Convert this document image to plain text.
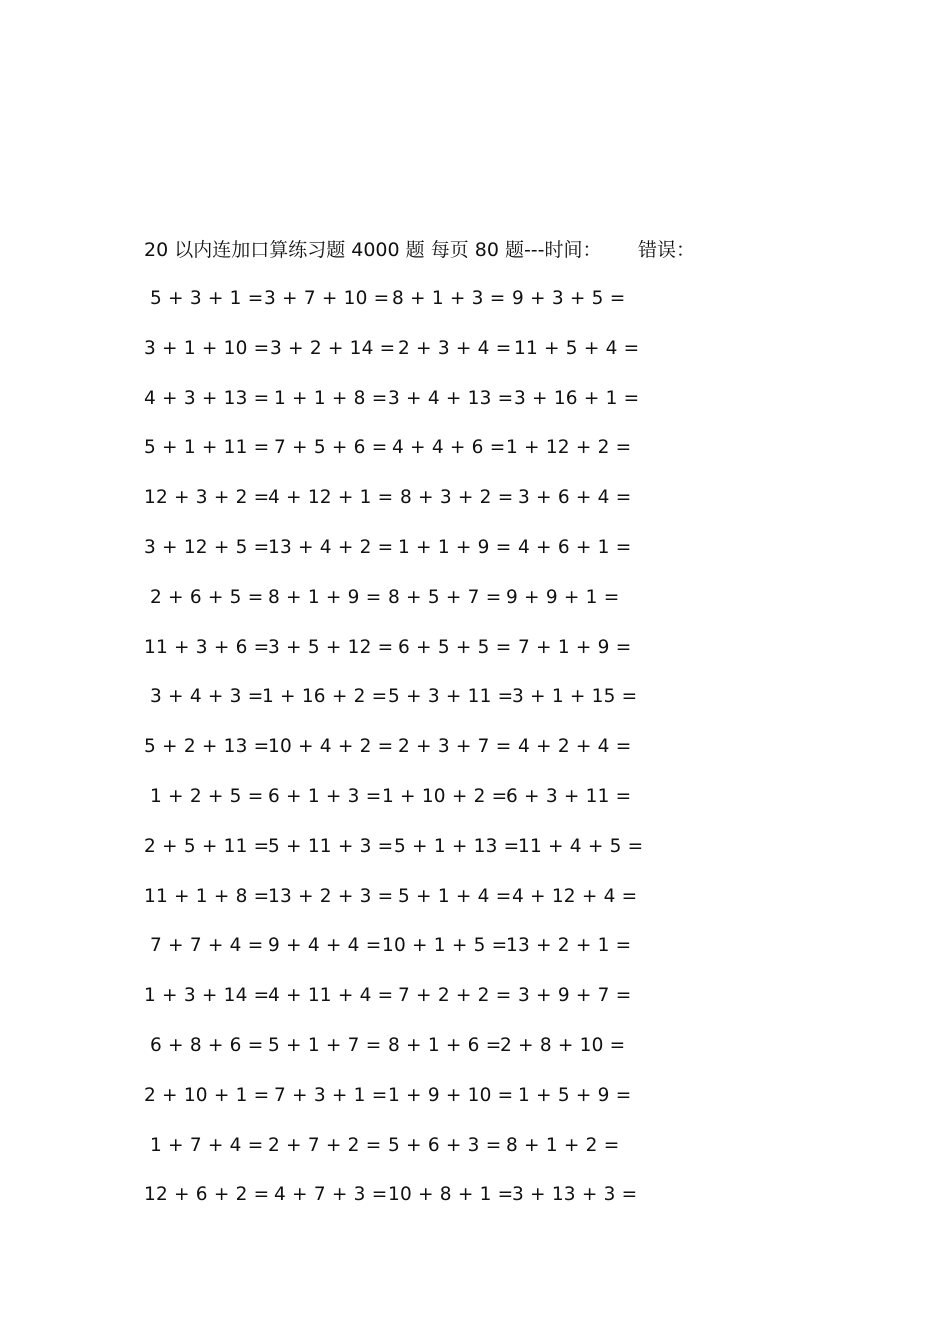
20 以内连加口算练习题 4000 题 每页 80 题---时间： 错误：
5 + 3 + 1 = 3 + 7 + 10 = 8 + 1 + 3 = 9 + 3 + 5 =
3 + 1 + 10 = 3 + 2 + 14 = 2 + 3 + 4 = 11 + 5 + 4 =
4 + 3 + 13 = 1 + 1 + 8 = 3 + 4 + 13 = 3 + 16 + 1 =
5 + 1 + 11 = 7 + 5 + 6 = 4 + 4 + 6 = 1 + 12 + 2 =
12 + 3 + 2 =
4 + 12 + 1 = 8 + 3 + 2 = 3 + 6 + 4 =
3 + 12 + 5 =
13 + 4 + 2 = 1 + 1 + 9 = 4 + 6 + 1 =
2 + 6 + 5 = 8 + 1 + 9 = 8 + 5 + 7 = 9 + 9 + 1 =
11 + 3 + 6 =
3 + 5 + 12 = 6 + 5 + 5 = 7 + 1 + 9 =
3 + 4 + 3 =
1 + 16 + 2 = 5 + 3 + 11 =
3 + 1 + 15 =
5 + 2 + 13 =
10 + 4 + 2 = 2 + 3 + 7 = 4 + 2 + 4 =
1 + 2 + 5 = 6 + 1 + 3 = 1 + 10 + 2 =
6 + 3 + 11 =
2 + 5 + 11 =
5 + 11 + 3 = 5 + 1 + 13 =
11 + 4 + 5 =
11 + 1 + 8 =
13 + 2 + 3 = 5 + 1 + 4 = 4 + 12 + 4 =
7 + 7 + 4 = 9 + 4 + 4 = 10 + 1 + 5 =
13 + 2 + 1 =
1 + 3 + 14 =
4 + 11 + 4 = 7 + 2 + 2 = 3 + 9 + 7 =
6 + 8 + 6 = 5 + 1 + 7 = 8 + 1 + 6 =
2 + 8 + 10 =
2 + 10 + 1 = 7 + 3 + 1 = 1 + 9 + 10 = 1 + 5 + 9 =
1 + 7 + 4 = 2 + 7 + 2 = 5 + 6 + 3 = 8 + 1 + 2 =
12 + 6 + 2 = 4 + 7 + 3 = 10 + 8 + 1 =
3 + 13 + 3 =
